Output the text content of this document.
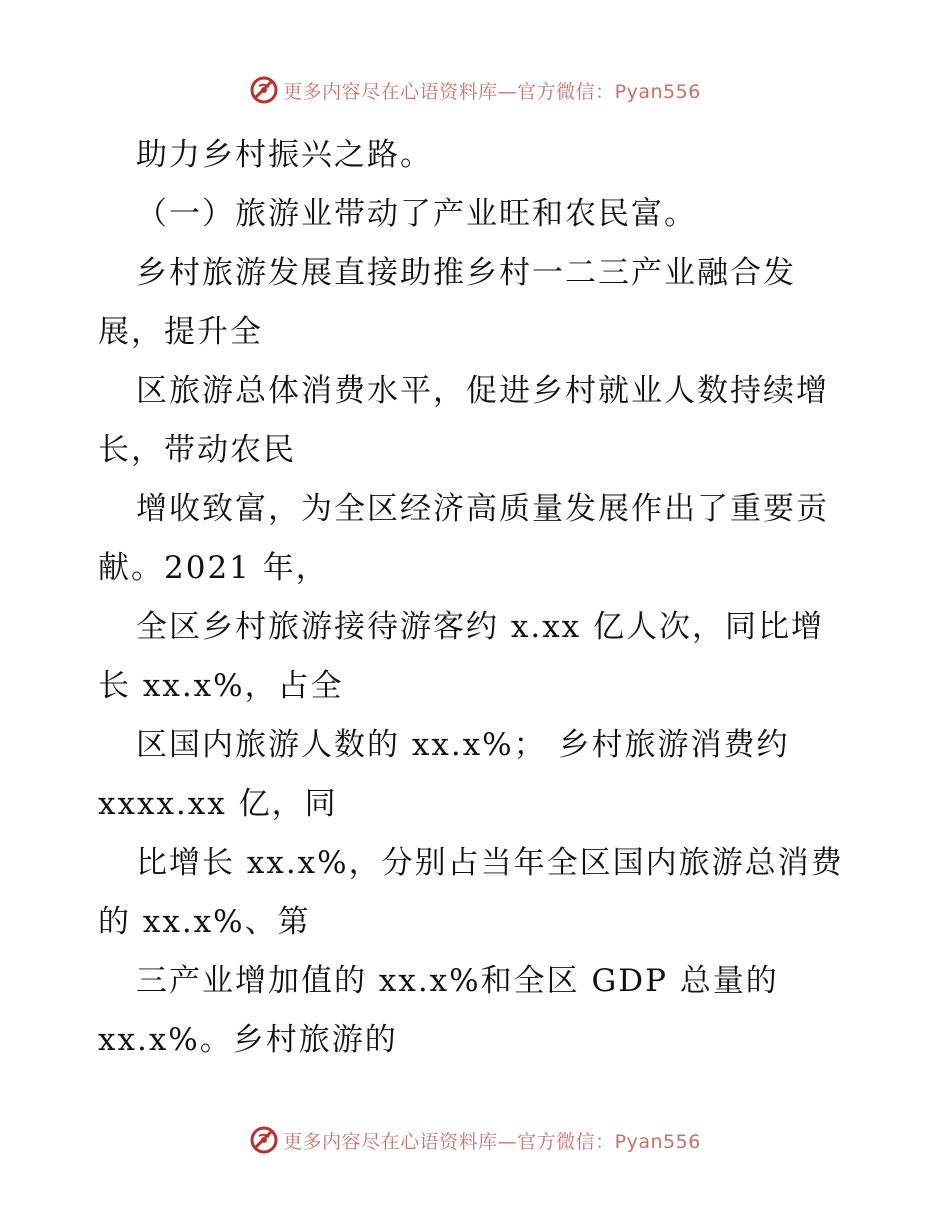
更多内容尽在心语资料库—官方微信：Pyan556
助力乡村振兴之路。
（一）旅游业带动了产业旺和农民富。
乡村旅游发展直接助推乡村一二三产业融合发
展，提升全
区旅游总体消费水平，促进乡村就业人数持续增
长，带动农民
增收致富，为全区经济高质量发展作出了重要贡
献。2021 年，
全区乡村旅游接待游客约 x.xx 亿人次，同比增
长 xx.x%，占全
区国内旅游人数的 xx.x%； 乡村旅游消费约
xxxx.xx 亿，同
比增长 xx.x%，分别占当年全区国内旅游总消费
的 xx.x%、第
三产业增加值的 xx.x%和全区 GDP 总量的
xx.x%。乡村旅游的
更多内容尽在心语资料库—官方微信：Pyan556
